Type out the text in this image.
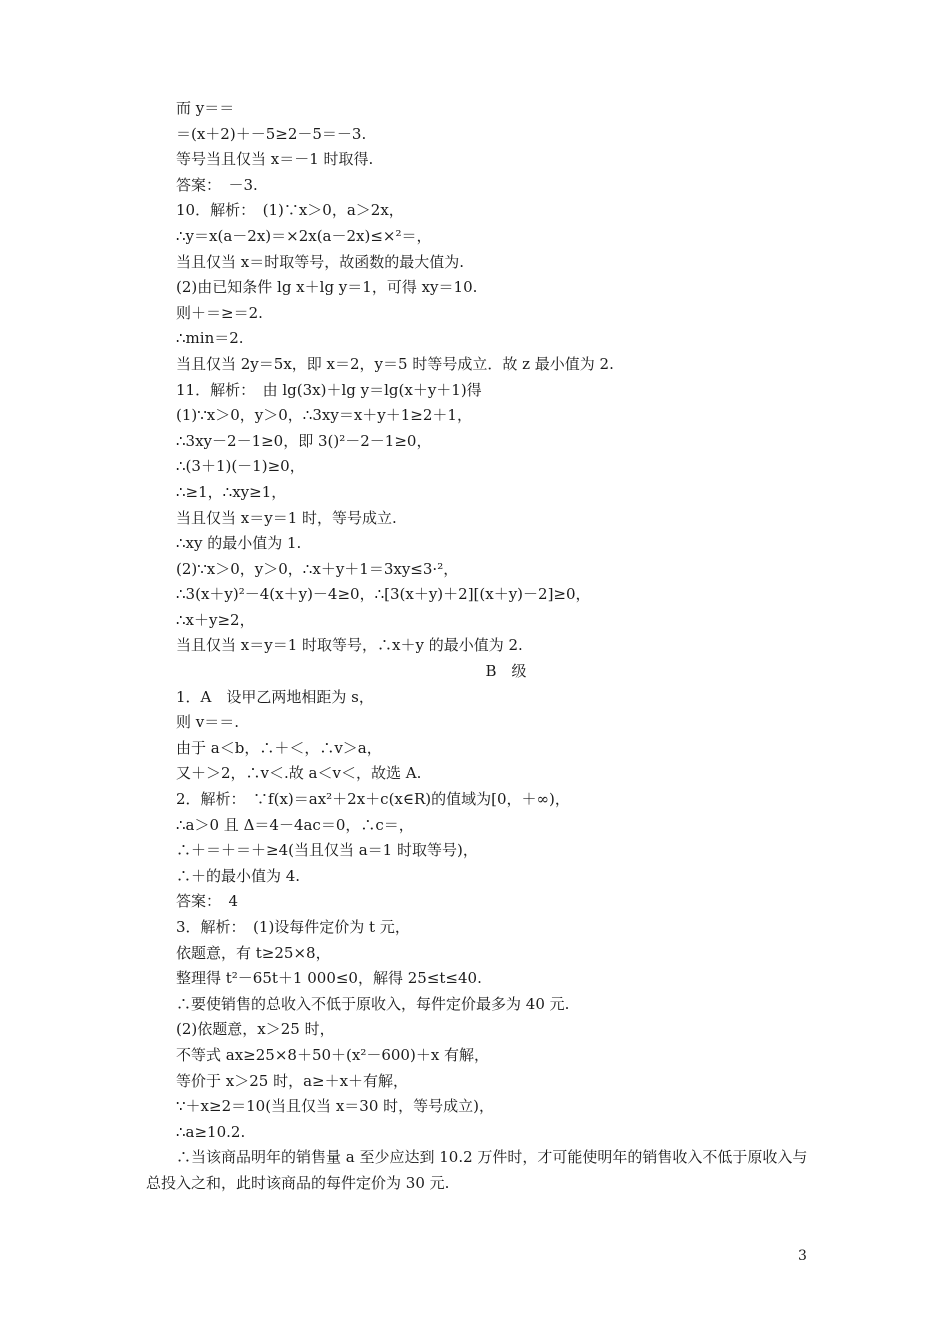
而 y＝＝
＝(x＋2)＋－5≥2－5＝－3.
等号当且仅当 x＝－1 时取得.
答案：　－3.
10．解析：　(1)∵x＞0，a＞2x，
∴y＝x(a－2x)＝×2x(a－2x)≤×²＝，
当且仅当 x＝时取等号，故函数的最大值为.
(2)由已知条件 lg x＋lg y＝1，可得 xy＝10.
则＋＝≥＝2.
∴min＝2.
当且仅当 2y＝5x，即 x＝2，y＝5 时等号成立．故 z 最小值为 2.
11．解析：　由 lg(3x)＋lg y＝lg(x＋y＋1)得
(1)∵x＞0，y＞0，∴3xy＝x＋y＋1≥2＋1，
∴3xy－2－1≥0，即 3()²－2－1≥0，
∴(3＋1)(－1)≥0，
∴≥1，∴xy≥1，
当且仅当 x＝y＝1 时，等号成立.
∴xy 的最小值为 1.
(2)∵x＞0，y＞0，∴x＋y＋1＝3xy≤3·²，
∴3(x＋y)²－4(x＋y)－4≥0，∴[3(x＋y)＋2][(x＋y)－2]≥0，
∴x＋y≥2，
当且仅当 x＝y＝1 时取等号，∴x＋y 的最小值为 2.
B　级
1．A　设甲乙两地相距为 s，
则 v＝＝.
由于 a＜b，∴＋＜，∴v＞a，
又＋＞2，∴v＜.故 a＜v＜，故选 A.
2．解析：　∵f(x)＝ax²＋2x＋c(x∈R)的值域为[0，＋∞)，
∴a＞0 且 Δ＝4－4ac＝0，∴c＝，
∴＋＝＋＝＋≥4(当且仅当 a＝1 时取等号)，
∴＋的最小值为 4.
答案：　4
3．解析：　(1)设每件定价为 t 元，
依题意，有 t≥25×8，
整理得 t²－65t＋1 000≤0，解得 25≤t≤40.
∴要使销售的总收入不低于原收入，每件定价最多为 40 元.
(2)依题意，x＞25 时，
不等式 ax≥25×8＋50＋(x²－600)＋x 有解，
等价于 x＞25 时，a≥＋x＋有解，
∵＋x≥2＝10(当且仅当 x＝30 时，等号成立)，
∴a≥10.2.
∴当该商品明年的销售量 a 至少应达到 10.2 万件时，才可能使明年的销售收入不低于原收入与总投入之和，此时该商品的每件定价为 30 元.
3
